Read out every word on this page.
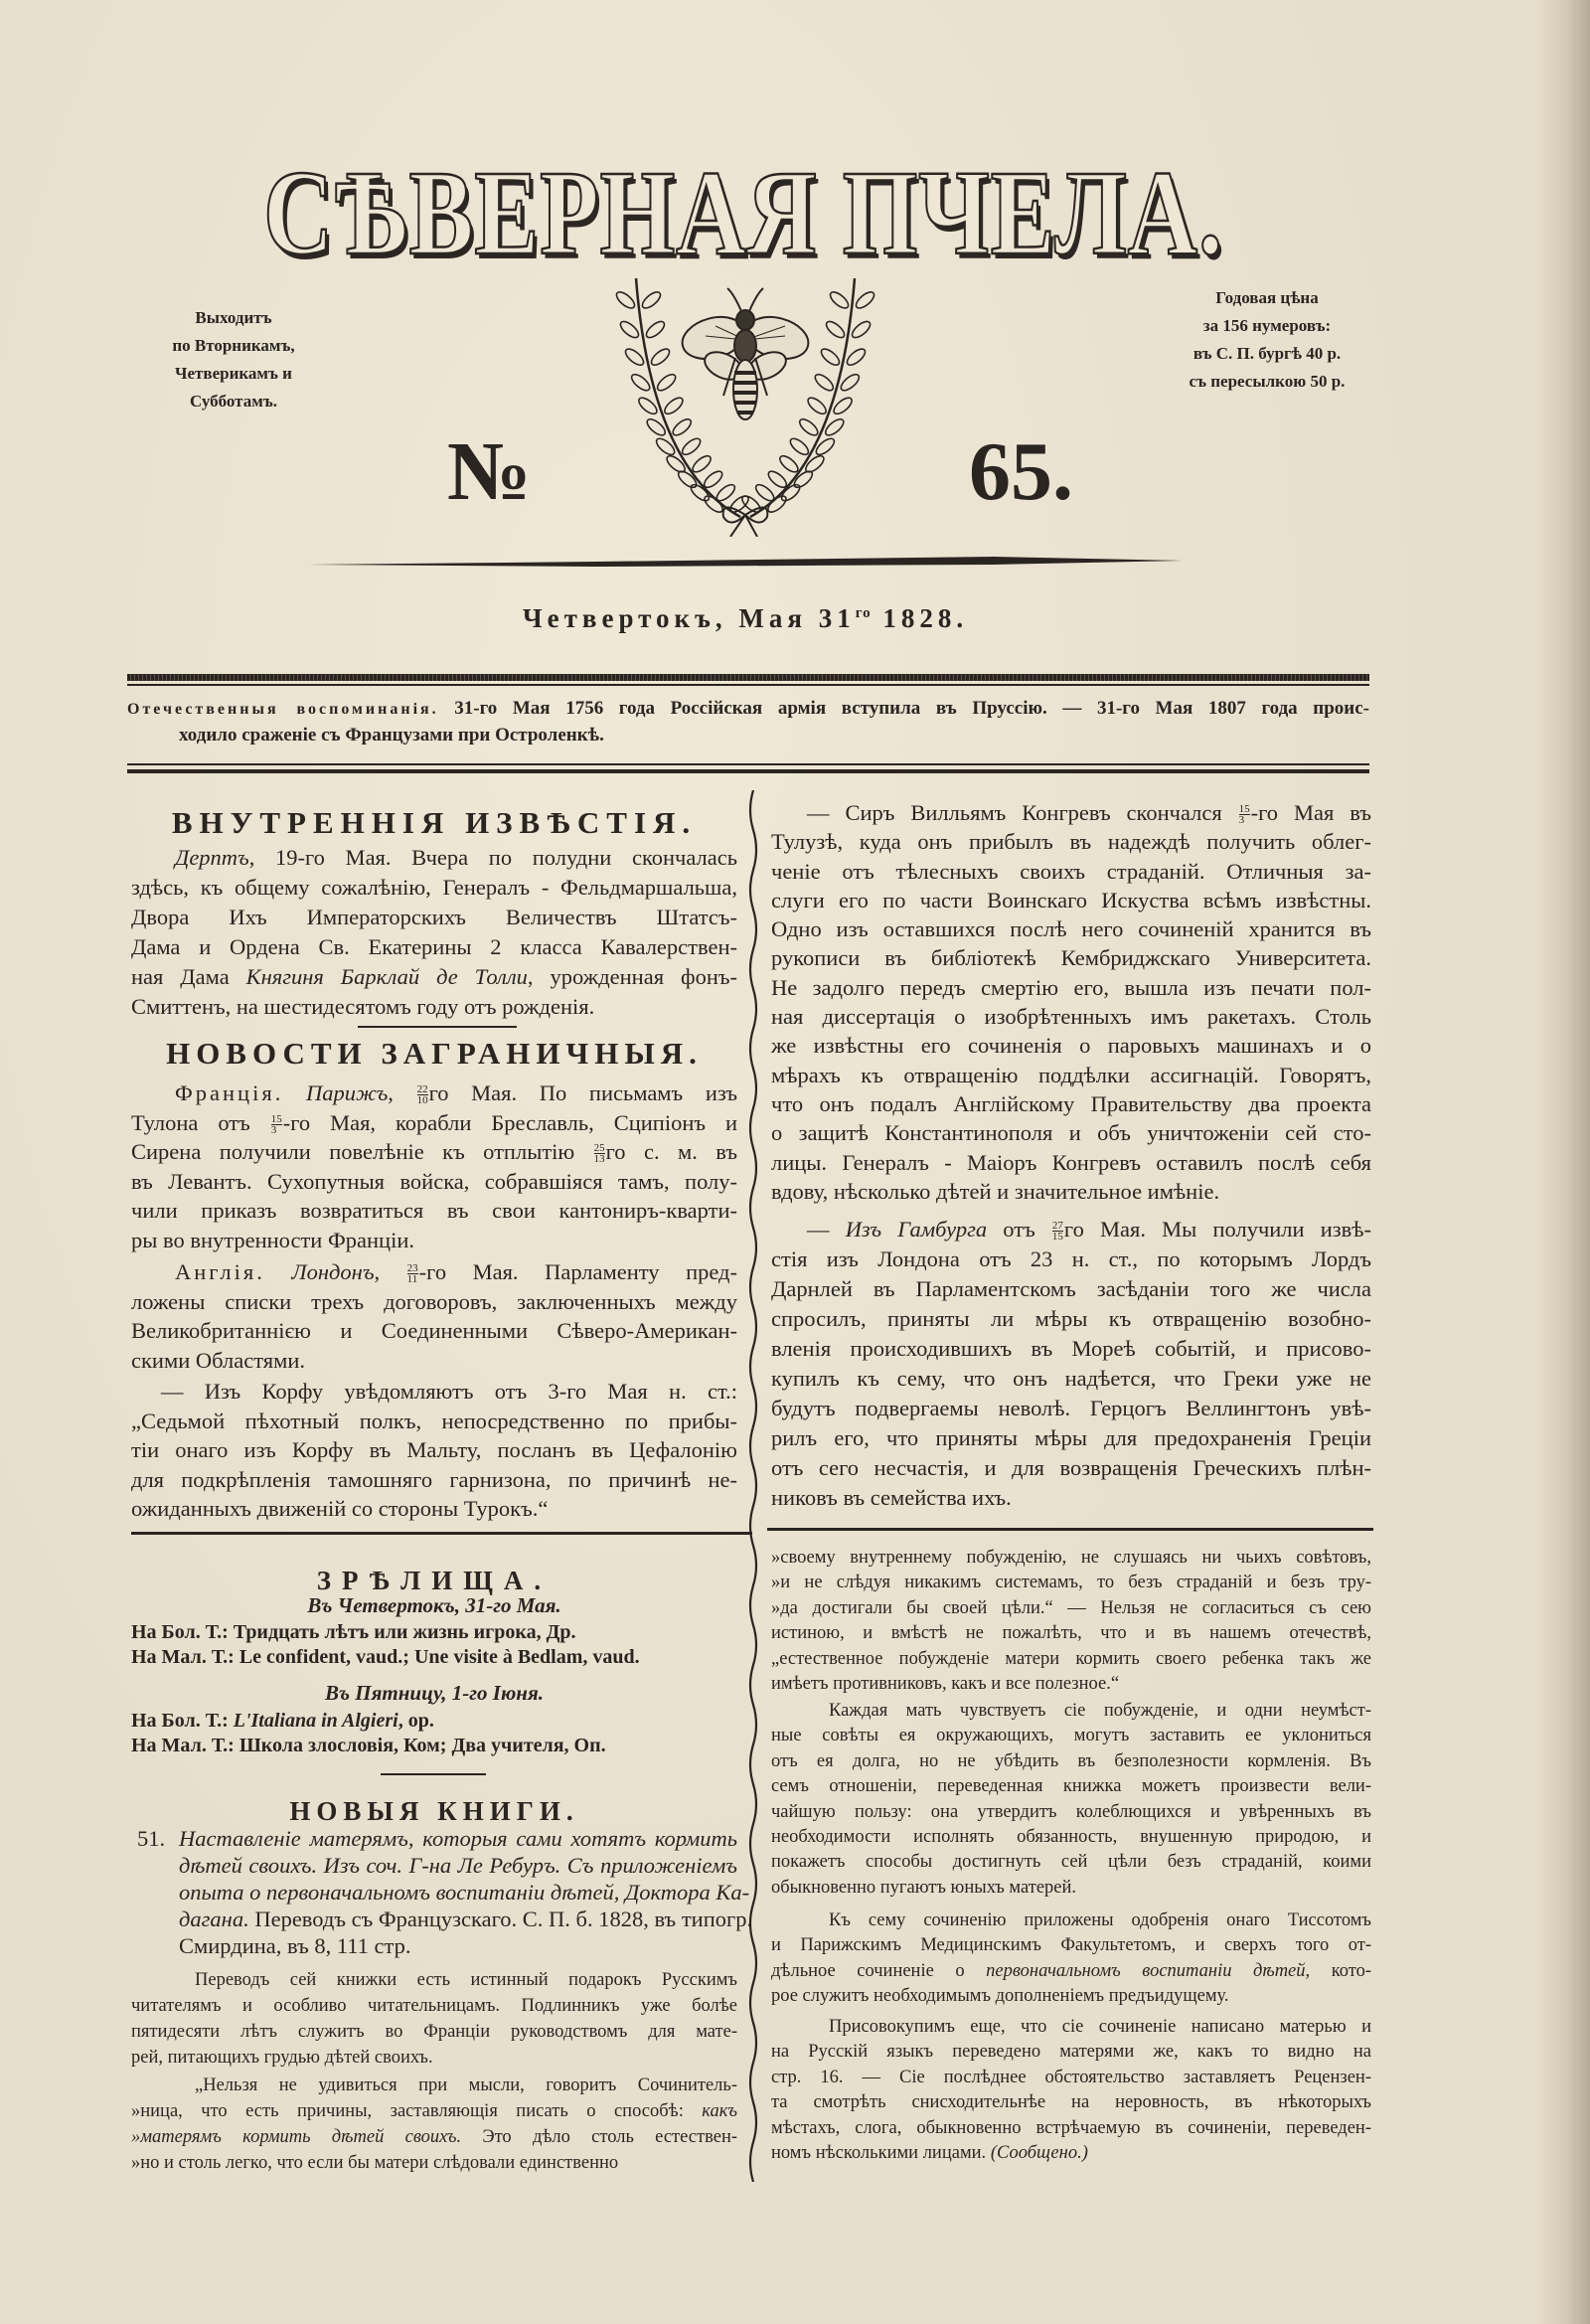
СѢВЕРНАЯ ПЧЕЛА.
Выходитъ
по Вторникамъ,
Четверикамъ и
Субботамъ.
Годовая цѣна
за 156 нумеровъ:
въ С. П. бургѣ 40 р.
съ пересылкою 50 р.
№	65.
Четвертокъ, Мая $31^{го}$ 1828.
Отечественныя воспоминанія. 31-го Мая 1756 года Россійская армія вступила въ Пруссію. — 31-го Мая 1807 года проис-
ходило сраженіе съ Французами при Остроленкѣ.
ВНУТРЕННІЯ ИЗВѢСТІЯ.
Дерптъ, 19-го Мая. Вчера по полудни скончалась
здѣсь, къ общему сожалѣнію, Генералъ - Фельдмаршальша,
Двора Ихъ Императорскихъ Величествъ Штатсъ-
Дама и Ордена Св. Екатерины 2 класса Кавалерствен-
ная Дама Княгиня Барклай де Толли, урожденная фонъ-
Смиттенъ, на шестидесятомъ году отъ рожденія.
НОВОСТИ ЗАГРАНИЧНЫЯ.
Франція. Парижъ, $\frac{22}{10}$ го Мая. По письмамъ изъ
Тулона отъ $\frac{15}{3} -го$ Мая, корабли Бреславль, Сципіонъ и
Сирена получили повелѣніе къ отплытію $\frac{25}{13}$ го с. м. въ
въ Левантъ. Сухопутныя войска, собравшіяся тамъ, полу-
чили приказъ возвратиться въ свои кантониръ-кварти-
ры во внутренности Франціи.
Англія. Лондонъ, $\frac{23}{11} -го$ Мая. Парламенту пред-
ложены списки трехъ договоровъ, заключенныхъ между
Великобританнією и Соединенными Сѣверо-Американ-
скими Областями.
— Изъ Корфу увѣдомляютъ отъ 3-го Мая н. ст.:
„Седьмой пѣхотный полкъ, непосредственно по прибы-
тіи онаго изъ Корфу въ Мальту, посланъ въ Цефалонію
для подкрѣпленія тамошняго гарнизона, по причинѣ не-
ожиданныхъ движеній со стороны Турокъ.“
ЗРѢЛИЩА.
Въ Четвертокъ, 31-го Мая.
На Бол. Т.: Тридцать лѣтъ или жизнь игрока, Др.
На Мал. Т.: Le confident, vaud.; Une visite à Bedlam, vaud.
Въ Пятницу, 1-го Іюня.
На Бол. Т.: L'Italiana in Algieri, ор.
На Мал. Т.: Школа злословія, Ком; Два учителя, Оп.
НОВЫЯ КНИГИ.
51. Наставленіе матерямъ, которыя сами хотятъ кормить
дѣтей своихъ. Изъ соч. Г-на Ле Ребуръ. Съ приложеніемъ
опыта о первоначальномъ воспитаніи дѣтей, Доктора Ка-
дагана. Переводъ съ Французскаго. С. П. б. 1828, въ типогр.
Смирдина, въ 8, 111 стр.
Переводъ сей книжки есть истинный подарокъ Русскимъ
читателямъ и особливо читательницамъ. Подлинникъ уже болѣе
пятидесяти лѣтъ служитъ во Франціи руководствомъ для мате-
рей, питающихъ грудью дѣтей своихъ.
„Нельзя не удивиться при мысли, говоритъ Сочинитель-
»ница, что есть причины, заставляющія писать о способѣ: какъ
»матерямъ кормить дѣтей своихъ. Это дѣло столь естествен-
»но и столь легко, что если бы матери слѣдовали единственно
— Сиръ Вилльямъ Конгревъ скончался $\frac{15}{3} -го$ Мая въ
Тулузѣ, куда онъ прибылъ въ надеждѣ получить облег-
ченіе отъ тѣлесныхъ своихъ страданій. Отличныя за-
слуги его по части Воинскаго Искуства всѣмъ извѣстны.
Одно изъ оставшихся послѣ него сочиненій хранится въ
рукописи въ библіотекѣ Кембриджскаго Университета.
Не задолго передъ смертію его, вышла изъ печати пол-
ная диссертація о изобрѣтенныхъ имъ ракетахъ. Столь
же извѣстны его сочиненія о паровыхъ машинахъ и о
мѣрахъ къ отвращенію поддѣлки ассигнацій. Говорятъ,
что онъ подалъ Англійскому Правительству два проекта
о защитѣ Константинополя и объ уничтоженіи сей сто-
лицы. Генералъ - Маіоръ Конгревъ оставилъ послѣ себя
вдову, нѣсколько дѣтей и значительное имѣніе.
— Изъ Гамбурга отъ $\frac{27}{15}$ го Мая. Мы получили извѣ-
стія изъ Лондона отъ 23 н. ст., по которымъ Лордъ
Дарнлей въ Парламентскомъ засѣданіи того же числа
спросилъ, приняты ли мѣры къ отвращенію возобно-
вленія происходившихъ въ Мореѣ событій, и присово-
купилъ къ сему, что онъ надѣется, что Греки уже не
будутъ подвергаемы неволѣ. Герцогъ Веллингтонъ увѣ-
рилъ его, что приняты мѣры для предохраненія Греціи
отъ сего несчастія, и для возвращенія Греческихъ плѣн-
никовъ въ семейства ихъ.
»своему внутреннему побужденію, не слушаясь ни чьихъ совѣтовъ,
»и не слѣдуя никакимъ системамъ, то безъ страданій и безъ тру-
»да достигали бы своей цѣли.“ — Нельзя не согласиться съ сею
истиною, и вмѣстѣ не пожалѣть, что и въ нашемъ отечествѣ,
„естественное побужденіе матери кормить своего ребенка такъ же
имѣетъ противниковъ, какъ и все полезное.“
Каждая мать чувствуетъ сіе побужденіе, и одни неумѣст-
ные совѣты ея окружающихъ, могутъ заставить ее уклониться
отъ ея долга, но не убѣдить въ безполезности кормленія. Въ
семъ отношеніи, переведенная книжка можетъ произвести вели-
чайшую пользу: она утвердитъ колеблющихся и увѣренныхъ въ
необходимости исполнять обязанность, внушенную природою, и
покажетъ способы достигнуть сей цѣли безъ страданій, коими
обыкновенно пугаютъ юныхъ матерей.
Къ сему сочиненію приложены одобренія онаго Тиссотомъ
и Парижскимъ Медицинскимъ Факультетомъ, и сверхъ того от-
дѣльное сочиненіе о первоначальномъ воспитаніи дѣтей, кото-
рое служитъ необходимымъ дополненіемъ предъидущему.
Присовокупимъ еще, что сіе сочиненіе написано матерью и
на Русскій языкъ переведено матерями же, какъ то видно на
стр. 16. — Сіе послѣднее обстоятельство заставляетъ Рецензен-
та смотрѣть снисходительнѣе на неровность, въ нѣкоторыхъ
мѣстахъ, слога, обыкновенно встрѣчаемую въ сочиненіи, переведен-
номъ нѣсколькими лицами. (Сообщено.)
